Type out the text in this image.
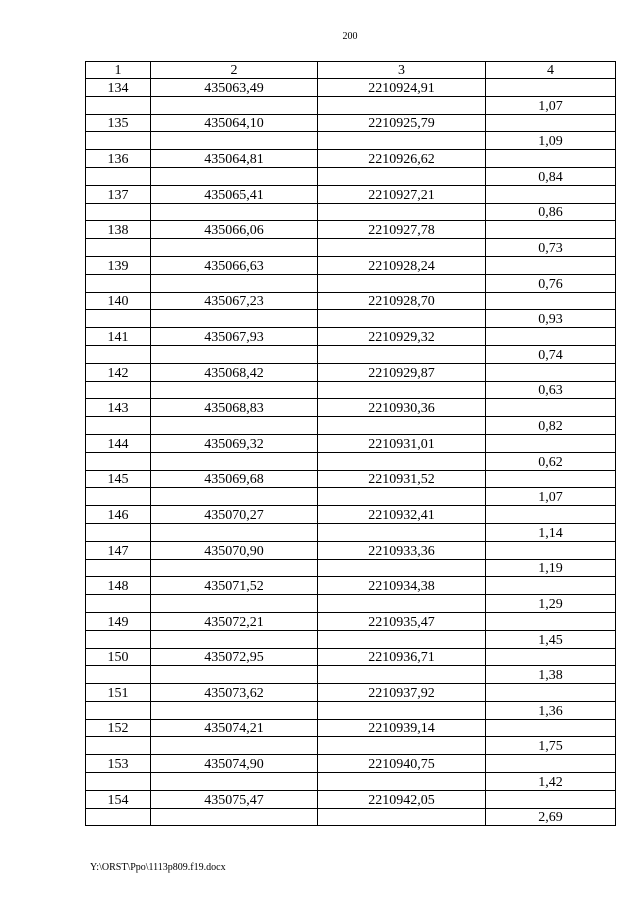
200
1	2	3	4
134	435063,49	2210924,91	
			1,07
135	435064,10	2210925,79	
			1,09
136	435064,81	2210926,62	
			0,84
137	435065,41	2210927,21	
			0,86
138	435066,06	2210927,78	
			0,73
139	435066,63	2210928,24	
			0,76
140	435067,23	2210928,70	
			0,93
141	435067,93	2210929,32	
			0,74
142	435068,42	2210929,87	
			0,63
143	435068,83	2210930,36	
			0,82
144	435069,32	2210931,01	
			0,62
145	435069,68	2210931,52	
			1,07
146	435070,27	2210932,41	
			1,14
147	435070,90	2210933,36	
			1,19
148	435071,52	2210934,38	
			1,29
149	435072,21	2210935,47	
			1,45
150	435072,95	2210936,71	
			1,38
151	435073,62	2210937,92	
			1,36
152	435074,21	2210939,14	
			1,75
153	435074,90	2210940,75	
			1,42
154	435075,47	2210942,05	
			2,69
Y:\ORST\Ppo\1113p809.f19.docx
